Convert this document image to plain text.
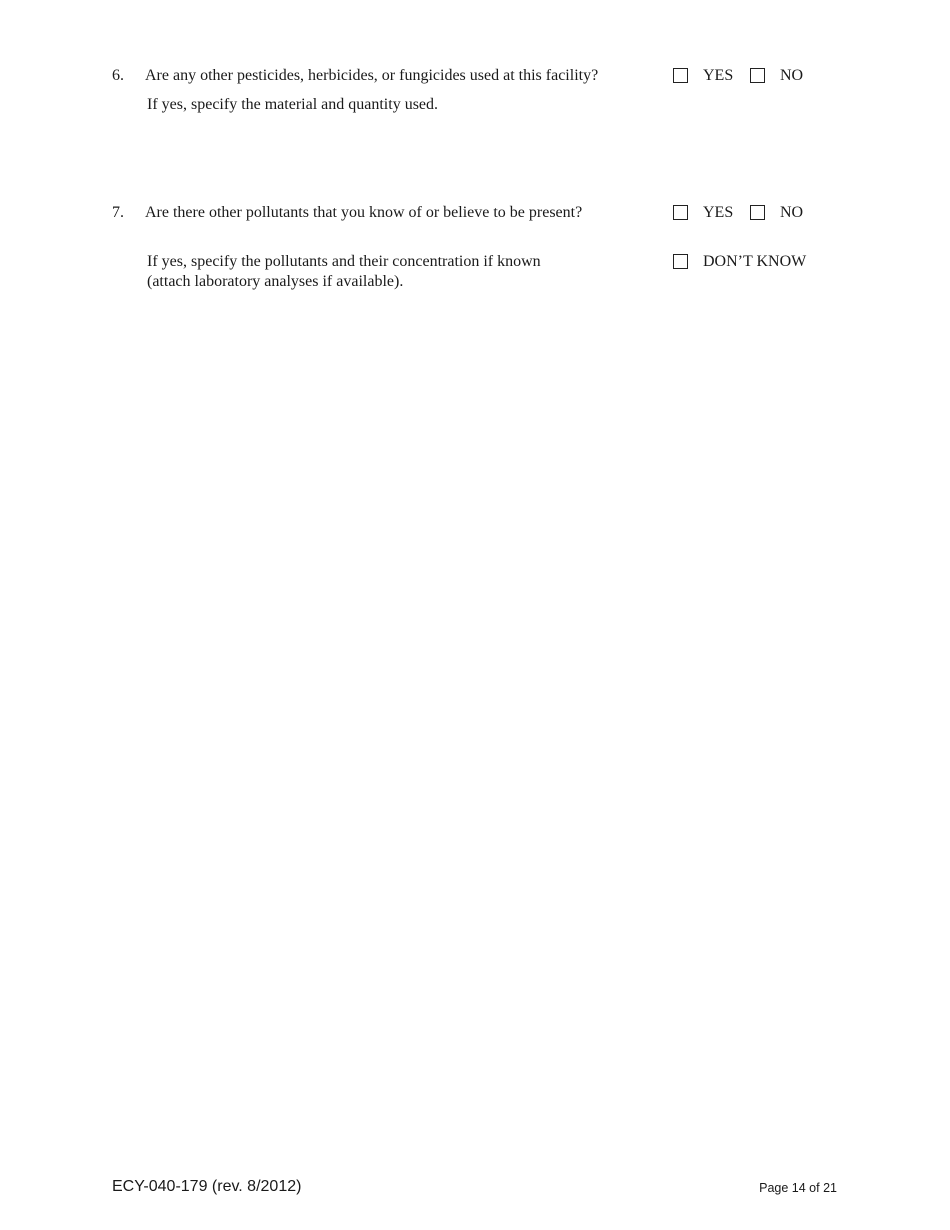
6. Are any other pesticides, herbicides, or fungicides used at this facility?
If yes, specify the material and quantity used.
YES	NO
7. Are there other pollutants that you know of or believe to be present?	YES	NO
If yes, specify the pollutants and their concentration if known
(attach laboratory analyses if available).
DON’T KNOW
ECY-040-179 (rev. 8/2012)	Page 14 of 21
